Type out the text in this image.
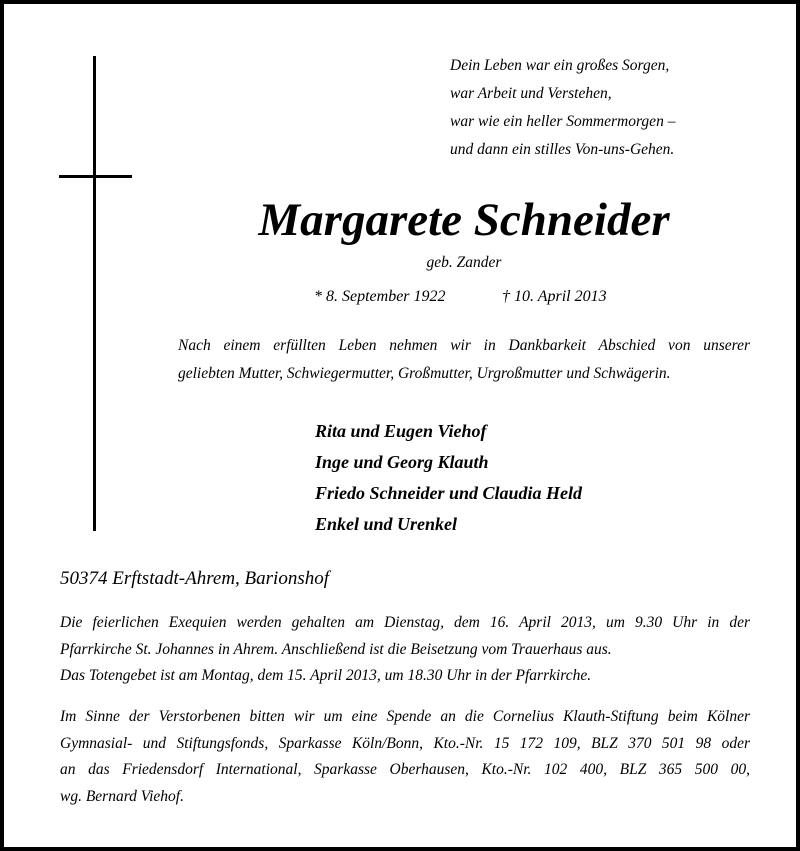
Dein Leben war ein großes Sorgen,
war Arbeit und Verstehen,
war wie ein heller Sommermorgen –
und dann ein stilles Von-uns-Gehen.
Margarete Schneider
geb. Zander
* 8. September 1922	† 10. April 2013
Nach einem erfüllten Leben nehmen wir in Dankbarkeit Abschied von unserer
geliebten Mutter, Schwiegermutter, Großmutter, Urgroßmutter und Schwägerin.
Rita und Eugen Viehof
Inge und Georg Klauth
Friedo Schneider und Claudia Held
Enkel und Urenkel
50374 Erftstadt-Ahrem, Barionshof
Die feierlichen Exequien werden gehalten am Dienstag, dem 16. April 2013, um 9.30 Uhr in der
Pfarrkirche St. Johannes in Ahrem. Anschließend ist die Beisetzung vom Trauerhaus aus.
Das Totengebet ist am Montag, dem 15. April 2013, um 18.30 Uhr in der Pfarrkirche.
Im Sinne der Verstorbenen bitten wir um eine Spende an die Cornelius Klauth-Stiftung beim Kölner
Gymnasial- und Stiftungsfonds, Sparkasse Köln/Bonn, Kto.-Nr. 15 172 109, BLZ 370 501 98 oder
an das Friedensdorf International, Sparkasse Oberhausen, Kto.-Nr. 102 400, BLZ 365 500 00,
wg. Bernard Viehof.
